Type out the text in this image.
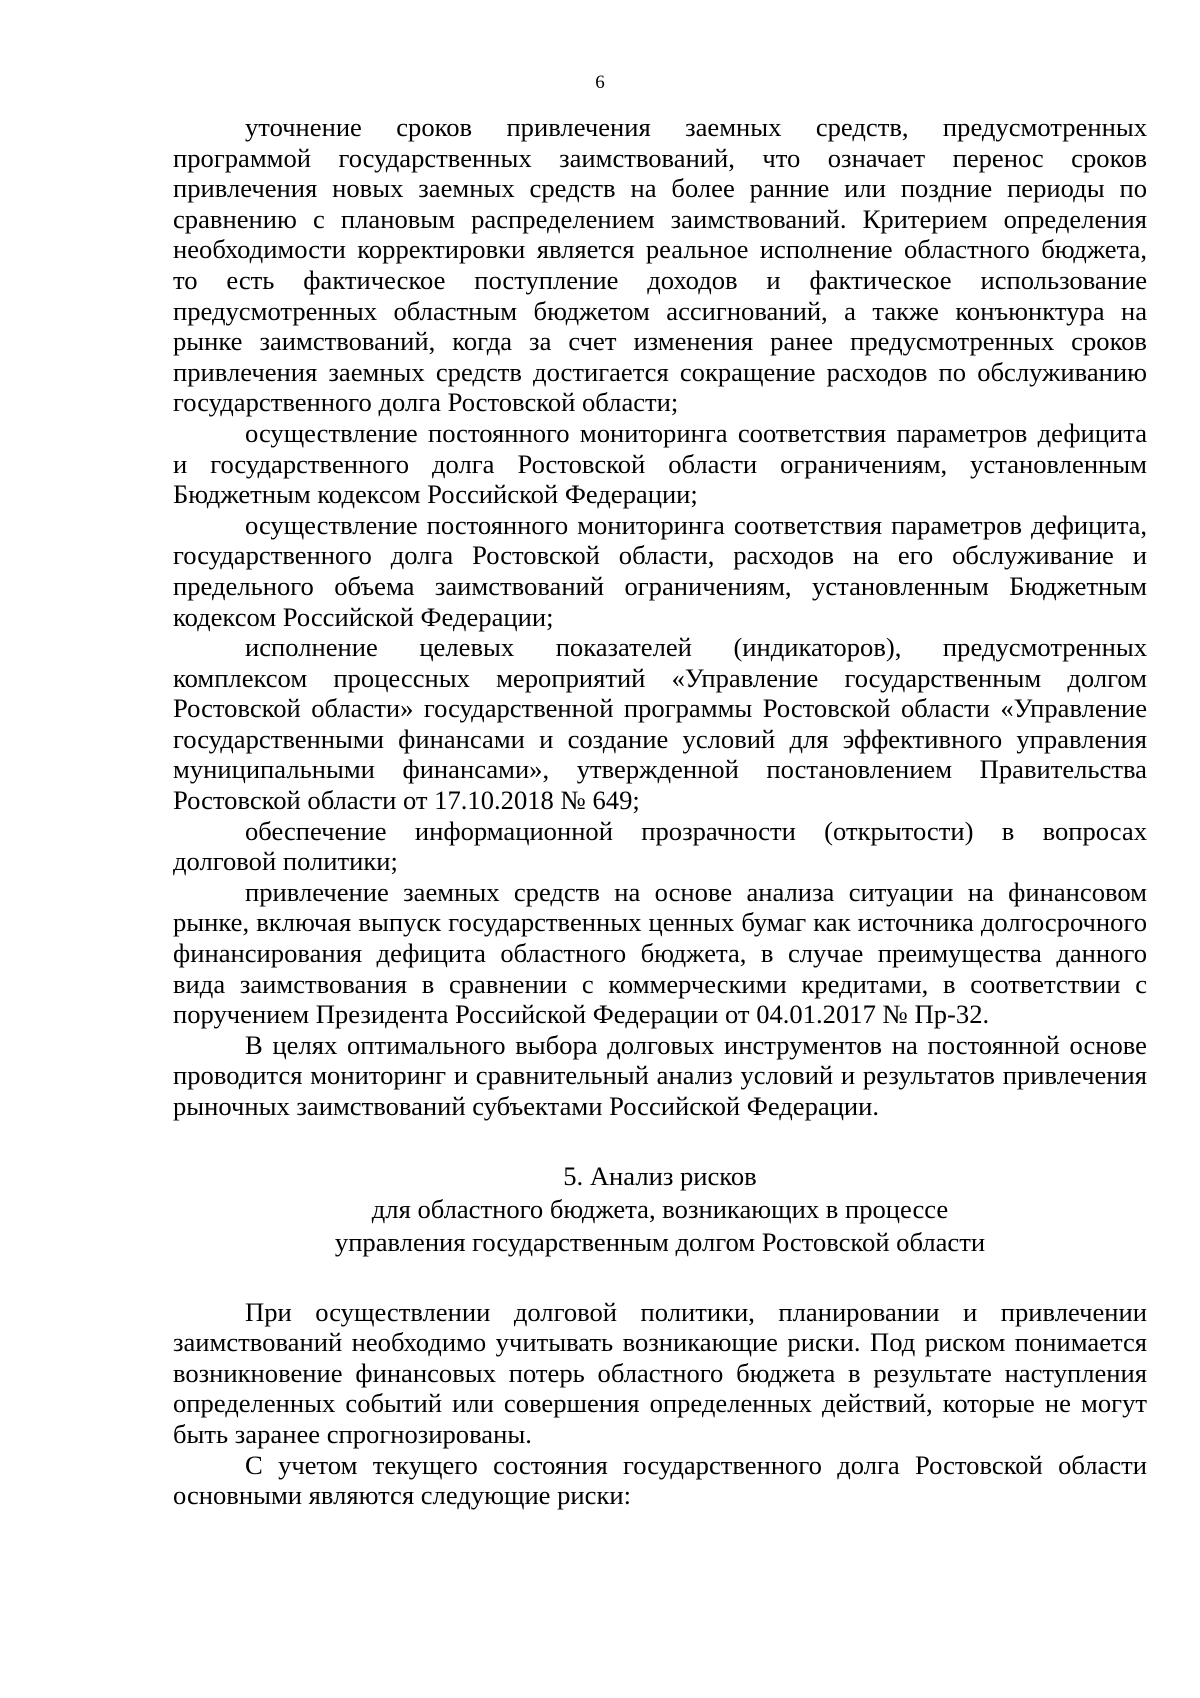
6

уточнение сроков привлечения заемных средств, предусмотренных программой государственных заимствований, что означает перенос сроков привлечения новых заемных средств на более ранние или поздние периоды по сравнению с плановым распределением заимствований. Критерием определения необходимости корректировки является реальное исполнение областного бюджета, то есть фактическое поступление доходов и фактическое использование предусмотренных областным бюджетом ассигнований, а также конъюнктура на рынке заимствований, когда за счет изменения ранее предусмотренных сроков привлечения заемных средств достигается сокращение расходов по обслуживанию государственного долга Ростовской области;

осуществление постоянного мониторинга соответствия параметров дефицита и государственного долга Ростовской области ограничениям, установленным Бюджетным кодексом Российской Федерации;

осуществление постоянного мониторинга соответствия параметров дефицита, государственного долга Ростовской области, расходов на его обслуживание и предельного объема заимствований ограничениям, установленным Бюджетным кодексом Российской Федерации;

исполнение целевых показателей (индикаторов), предусмотренных комплексом процессных мероприятий «Управление государственным долгом Ростовской области» государственной программы Ростовской области «Управление государственными финансами и создание условий для эффективного управления муниципальными финансами», утвержденной постановлением Правительства Ростовской области от 17.10.2018 № 649;

обеспечение информационной прозрачности (открытости) в вопросах долговой политики;

привлечение заемных средств на основе анализа ситуации на финансовом рынке, включая выпуск государственных ценных бумаг как источника долгосрочного финансирования дефицита областного бюджета, в случае преимущества данного вида заимствования в сравнении с коммерческими кредитами, в соответствии с поручением Президента Российской Федерации от 04.01.2017 № Пр-32.

В целях оптимального выбора долговых инструментов на постоянной основе проводится мониторинг и сравнительный анализ условий и результатов привлечения рыночных заимствований субъектами Российской Федерации.

5. Анализ рисков
для областного бюджета, возникающих в процессе
управления государственным долгом Ростовской области

При осуществлении долговой политики, планировании и привлечении заимствований необходимо учитывать возникающие риски. Под риском понимается возникновение финансовых потерь областного бюджета в результате наступления определенных событий или совершения определенных действий, которые не могут быть заранее спрогнозированы.

С учетом текущего состояния государственного долга Ростовской области основными являются следующие риски:
